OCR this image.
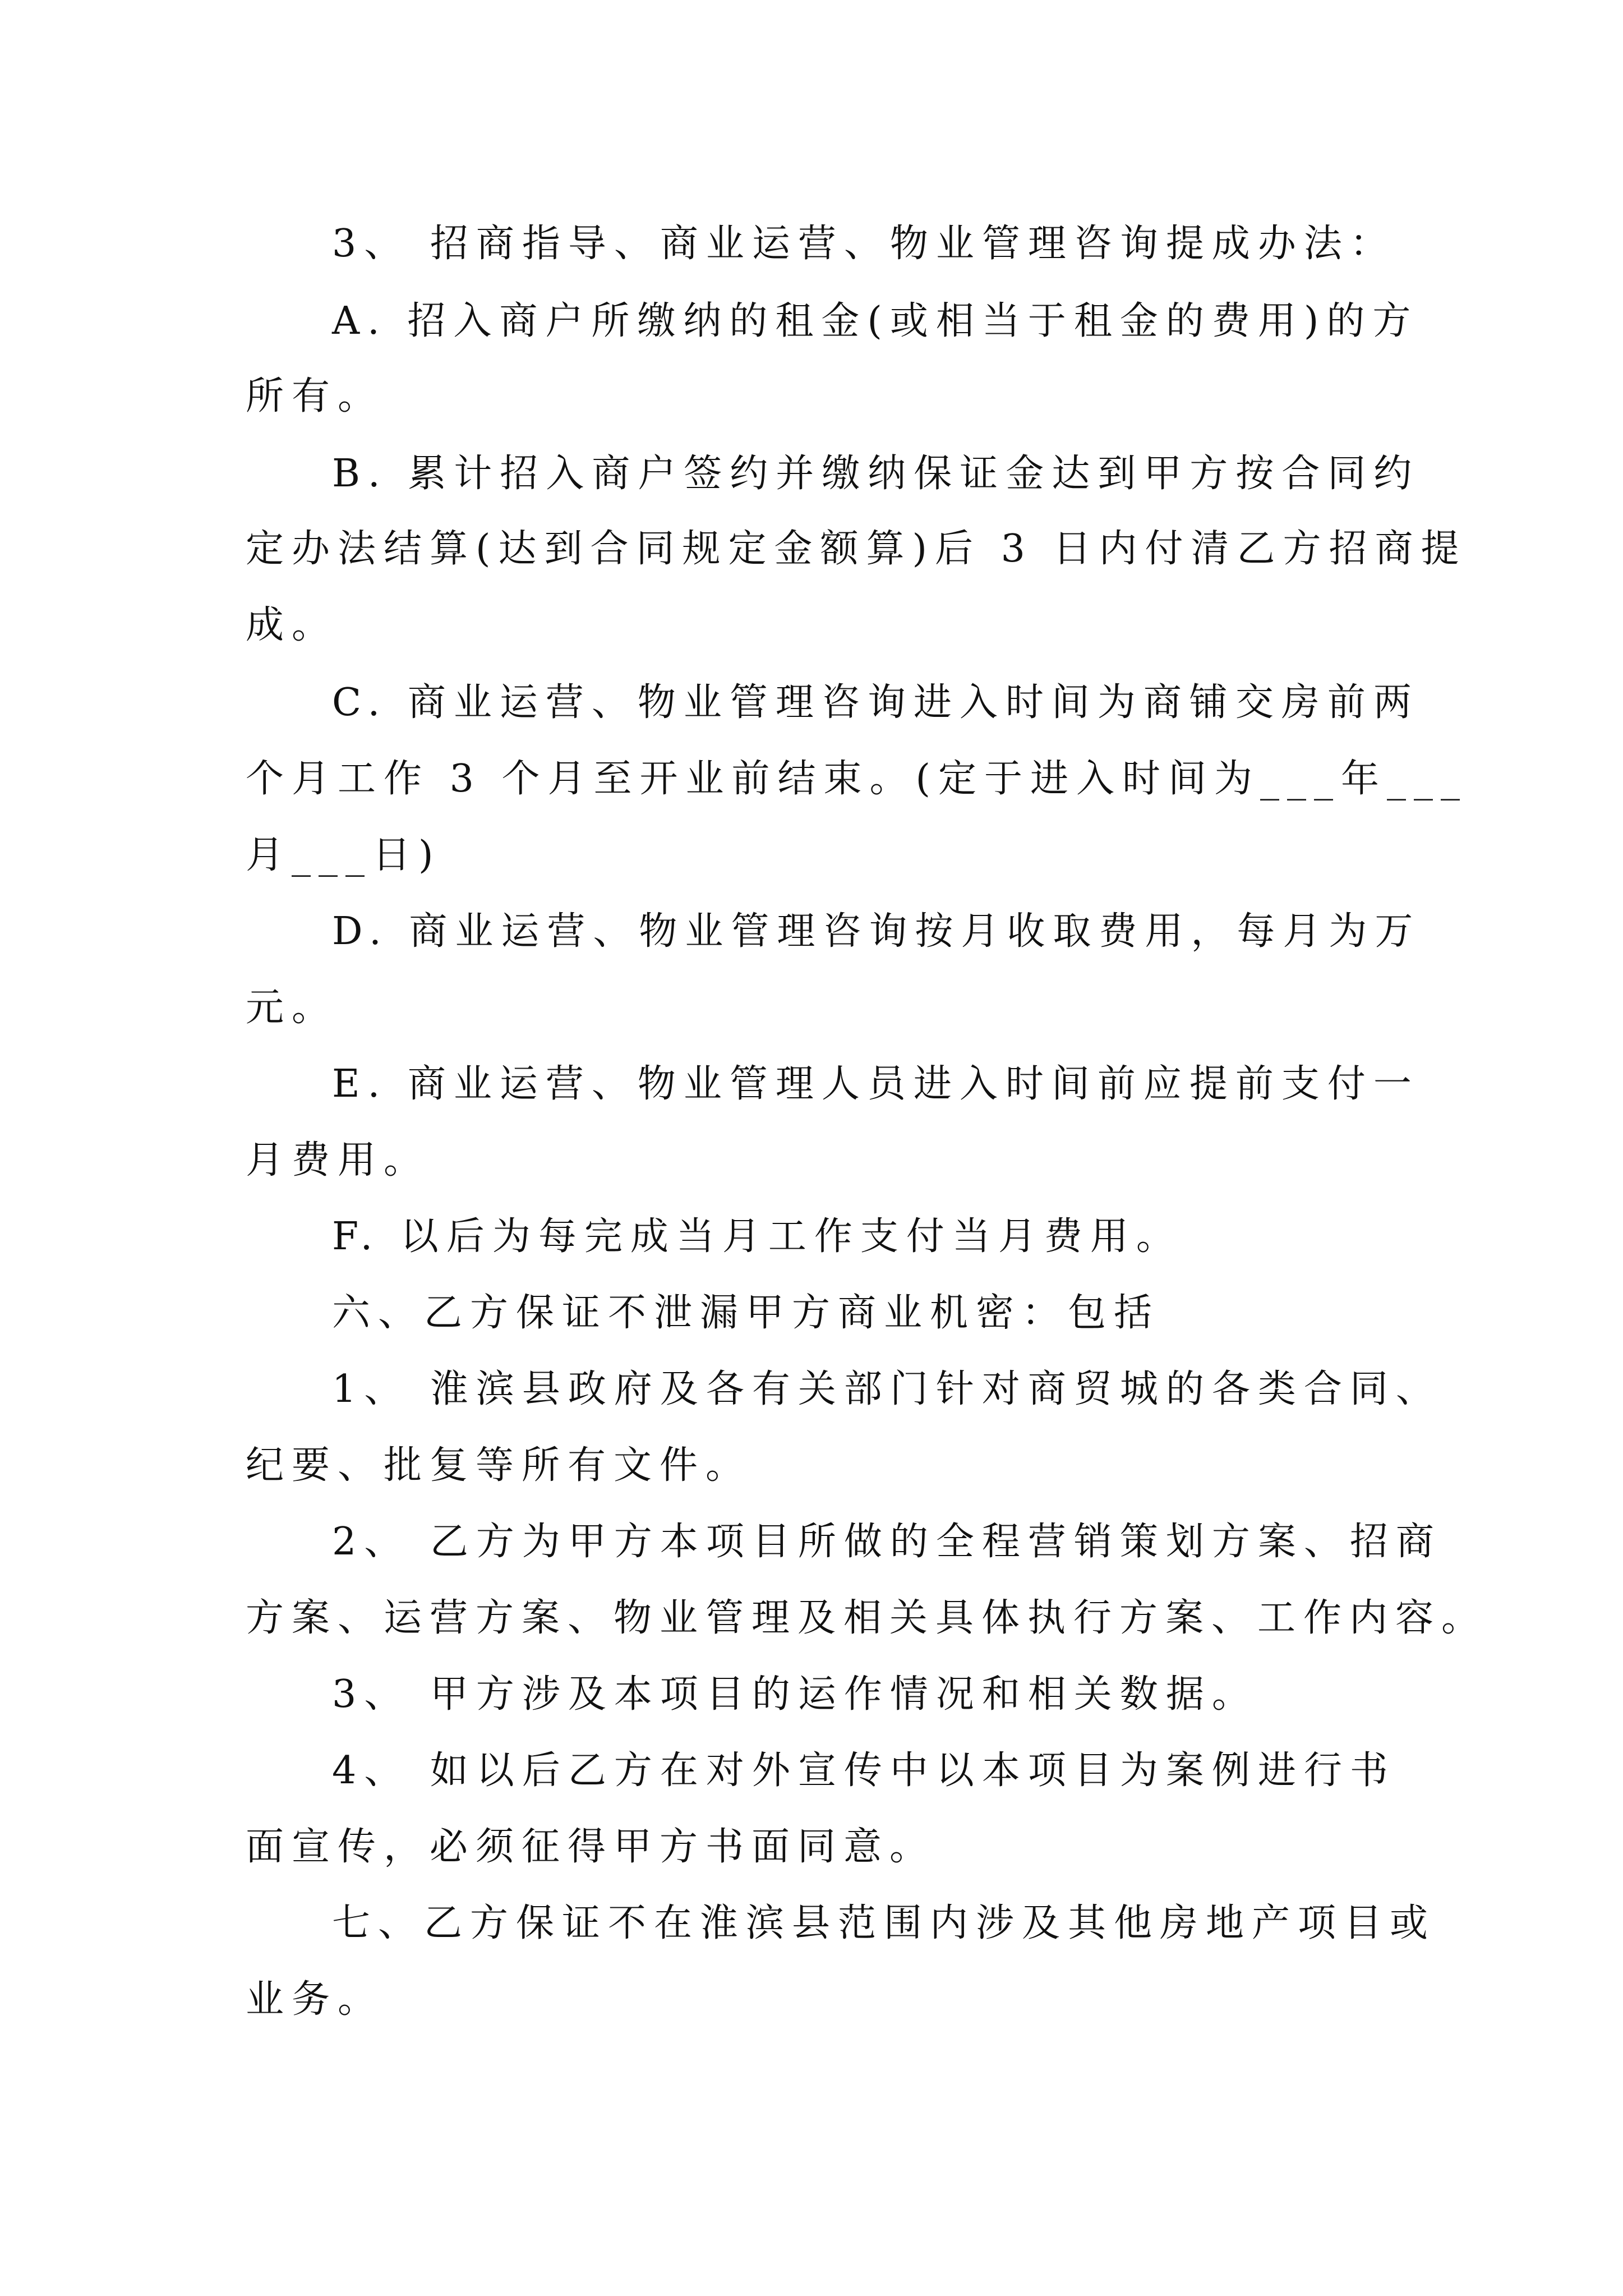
3、 招商指导、商业运营、物业管理咨询提成办法：

A. 招入商户所缴纳的租金(或相当于租金的费用)的方

所有。

B. 累计招入商户签约并缴纳保证金达到甲方按合同约

定办法结算(达到合同规定金额算)后 3 日内付清乙方招商提

成。

C. 商业运营、物业管理咨询进入时间为商铺交房前两

个月工作 3 个月至开业前结束。(定于进入时间为___年___

月___日)

D. 商业运营、物业管理咨询按月收取费用，每月为万

元。

E. 商业运营、物业管理人员进入时间前应提前支付一

月费用。

F. 以后为每完成当月工作支付当月费用。

六、乙方保证不泄漏甲方商业机密：包括

1、 淮滨县政府及各有关部门针对商贸城的各类合同、

纪要、批复等所有文件。

2、 乙方为甲方本项目所做的全程营销策划方案、招商

方案、运营方案、物业管理及相关具体执行方案、工作内容。

3、 甲方涉及本项目的运作情况和相关数据。

4、 如以后乙方在对外宣传中以本项目为案例进行书

面宣传，必须征得甲方书面同意。

七、乙方保证不在淮滨县范围内涉及其他房地产项目或

业务。
